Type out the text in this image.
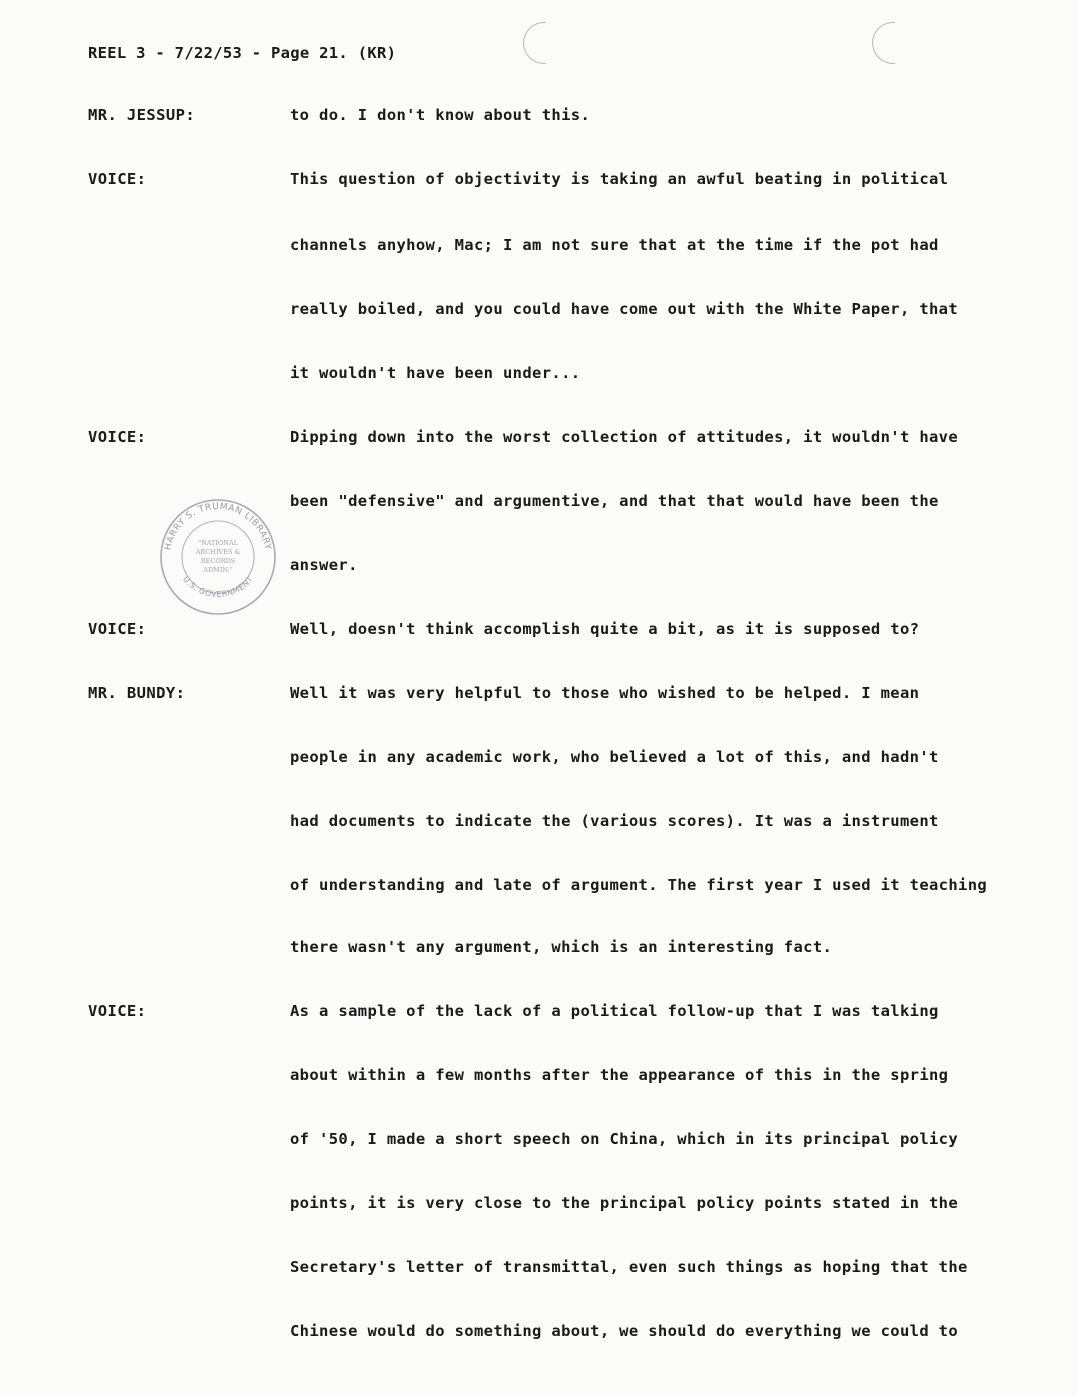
REEL 3 - 7/22/53 - Page 21. (KR)
MR. JESSUP:
VOICE:
VOICE:
VOICE:
MR. BUNDY:
VOICE:
to do. I don't know about this.
This question of objectivity is taking an awful beating in political
channels anyhow, Mac; I am not sure that at the time if the pot had
really boiled, and you could have come out with the White Paper, that
it wouldn't have been under...
Dipping down into the worst collection of attitudes, it wouldn't have
been "defensive" and argumentive, and that that would have been the
answer.
Well, doesn't think accomplish quite a bit, as it is supposed to?
Well it was very helpful to those who wished to be helped. I mean
people in any academic work, who believed a lot of this, and hadn't
had documents to indicate the (various scores). It was a instrument
of understanding and late of argument. The first year I used it teaching
there wasn't any argument, which is an interesting fact.
As a sample of the lack of a political follow-up that I was talking
about within a few months after the appearance of this in the spring
of '50, I made a short speech on China, which in its principal policy
points, it is very close to the principal policy points stated in the
Secretary's letter of transmittal, even such things as hoping that the
Chinese would do something about, we should do everything we could to
HARRY S. TRUMAN LIBRARY
U.S. GOVERNMENT
"NATIONAL
ARCHIVES &
RECORDS
ADMIN."
